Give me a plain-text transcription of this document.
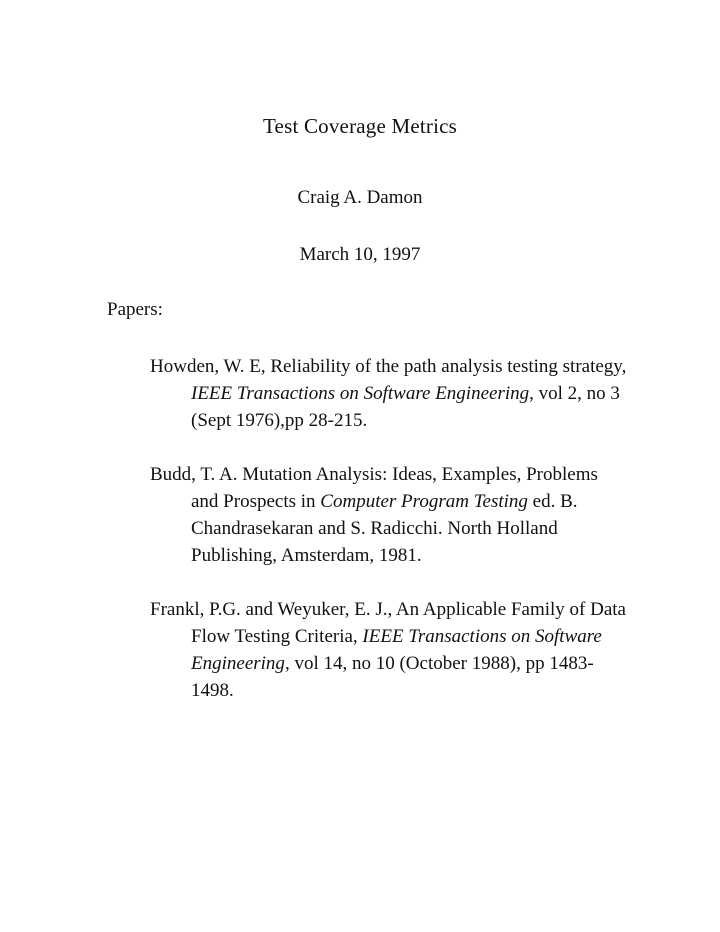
Test Coverage Metrics
Craig A. Damon
March 10, 1997
Papers:
Howden, W. E, Reliability of the path analysis testing strategy, IEEE Transactions on Software Engineering, vol 2, no 3 (Sept 1976),pp 28-215.
Budd, T. A. Mutation Analysis: Ideas, Examples, Problems and Prospects in Computer Program Testing ed. B. Chandrasekaran and S. Radicchi. North Holland Publishing, Amsterdam, 1981.
Frankl, P.G. and Weyuker, E. J., An Applicable Family of Data Flow Testing Criteria, IEEE Transactions on Software Engineering, vol 14, no 10 (October 1988), pp 1483-1498.
